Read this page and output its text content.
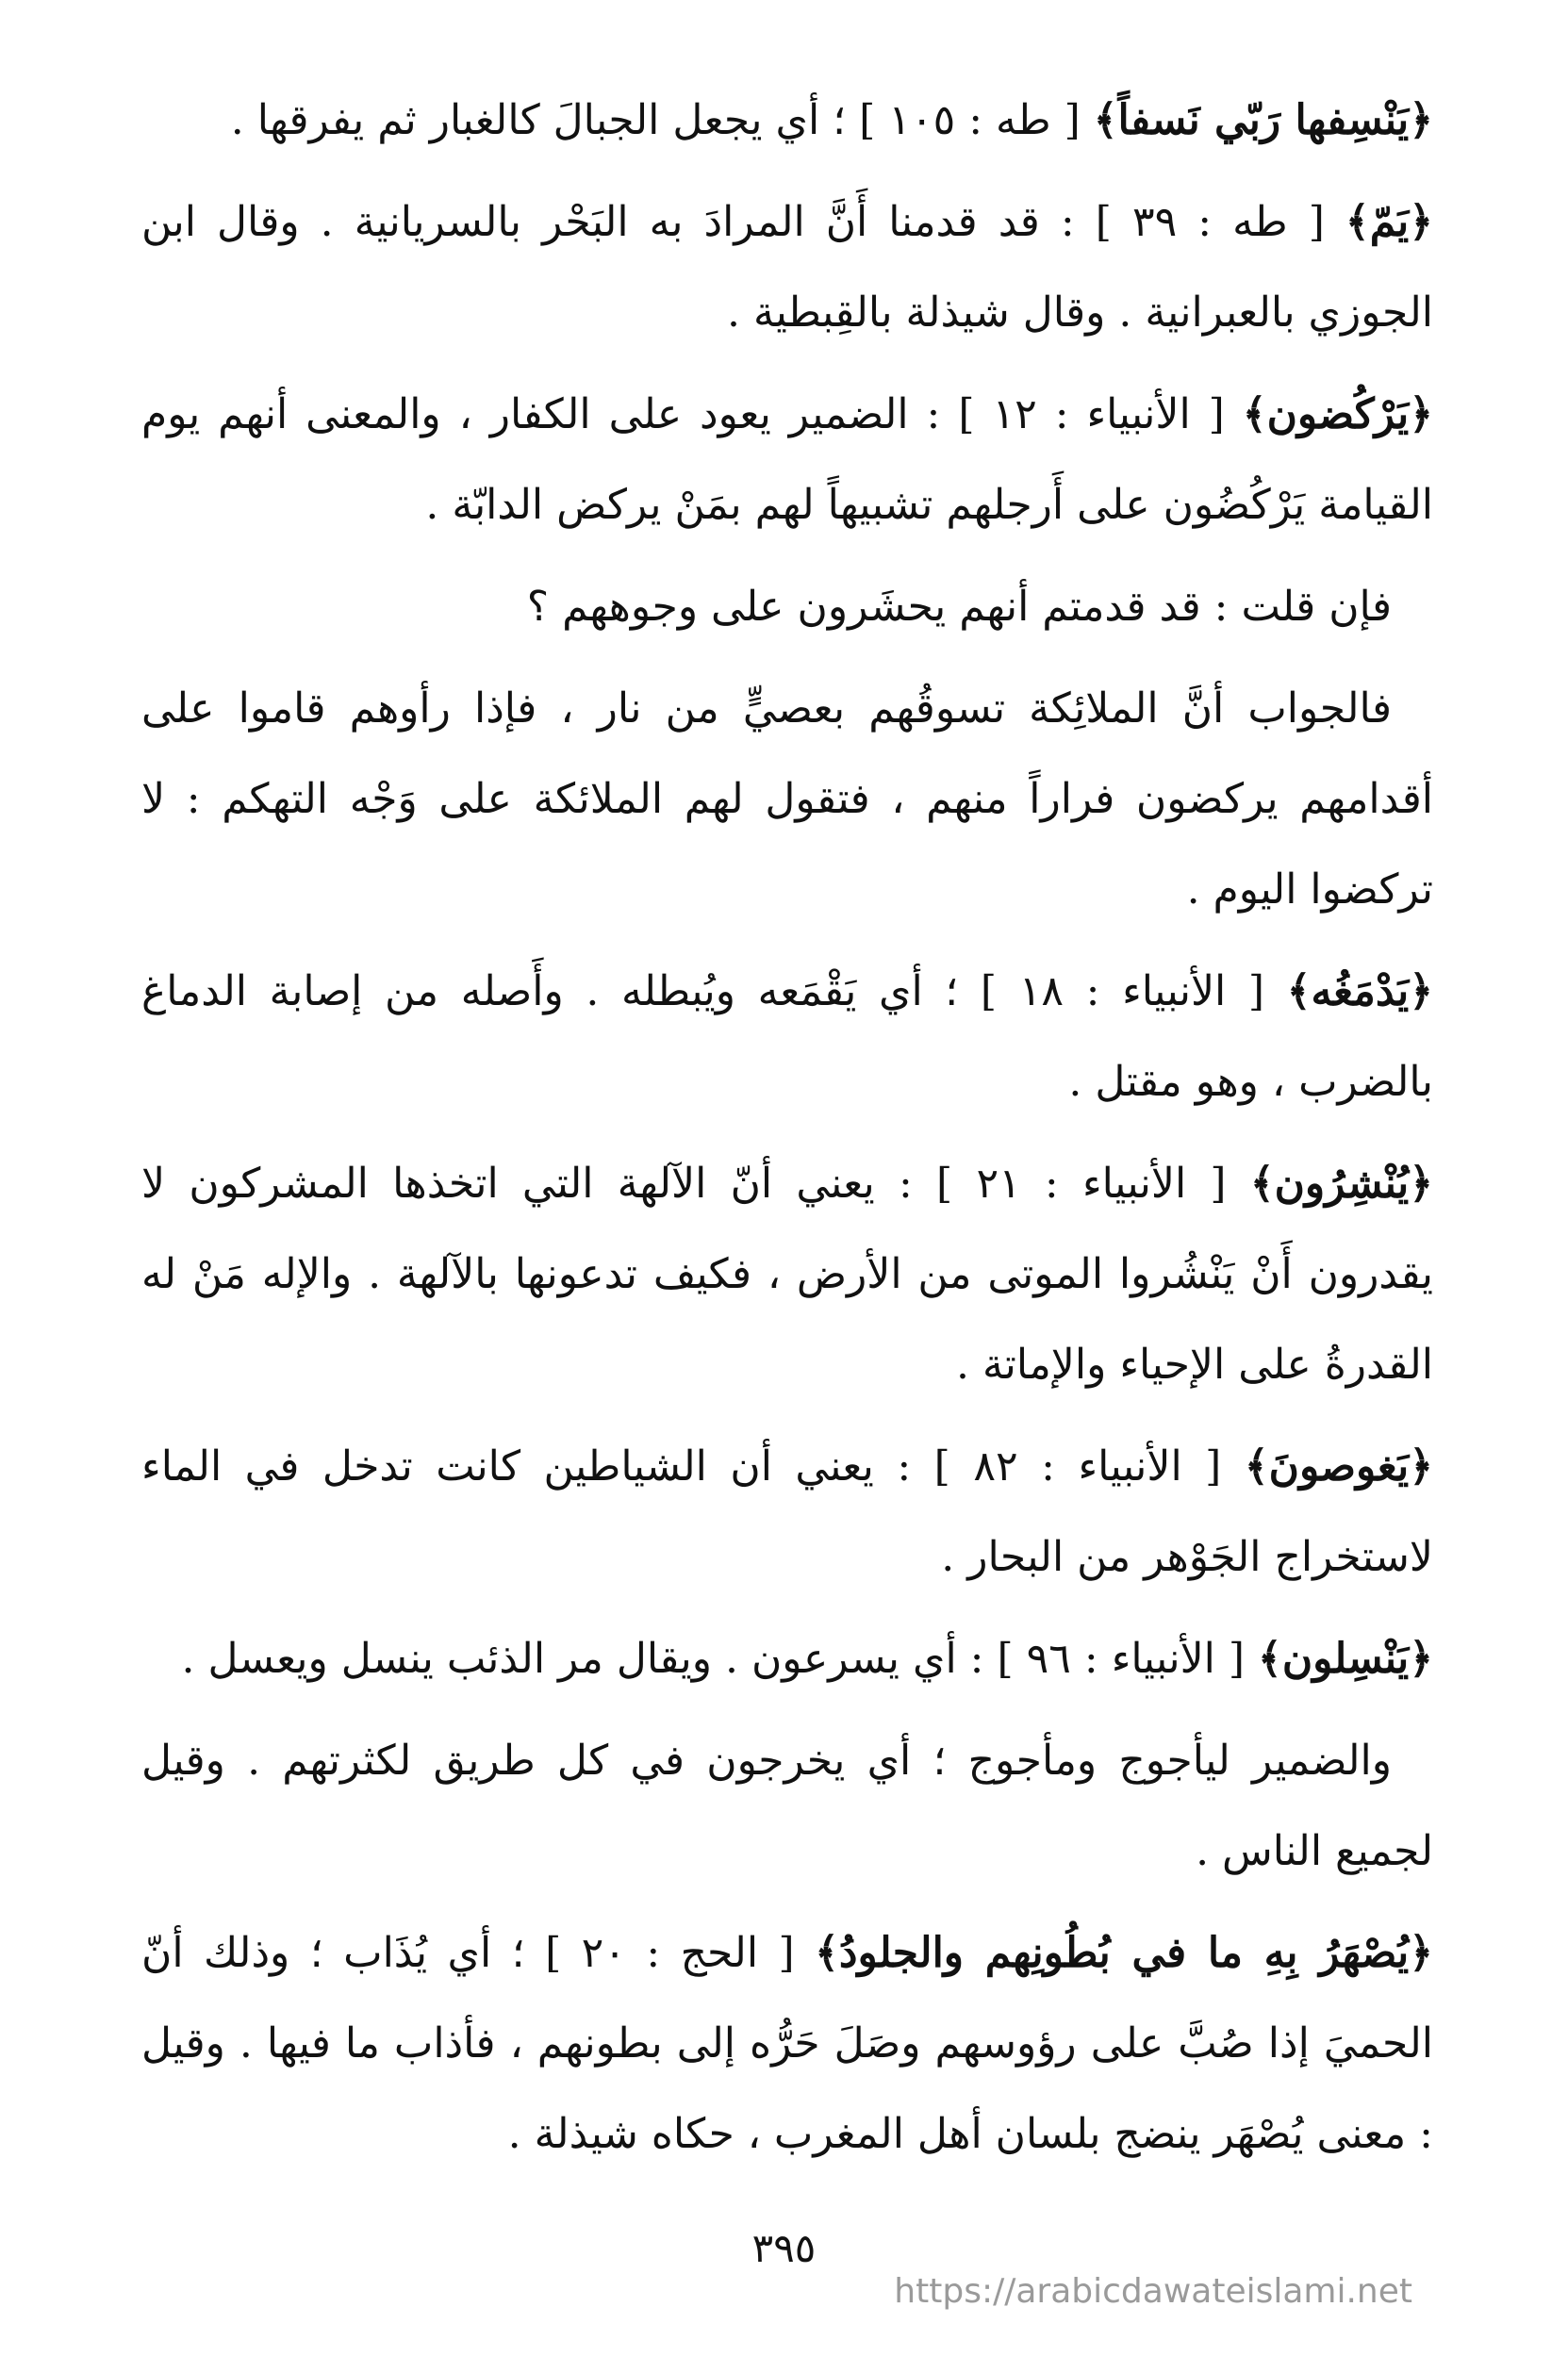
﴿يَنْسِفها رَبّي نَسفاً﴾ [ طه : ١٠٥ ] ؛ أي يجعل الجبالَ كالغبار ثم يفرقها .

﴿يَمّ﴾ [ طه : ٣٩ ] : قد قدمنا أَنَّ المرادَ به البَحْر بالسريانية . وقال ابن الجوزي بالعبرانية . وقال شيذلة بالقِبطية .

﴿يَرْكُضون﴾ [ الأنبياء : ١٢ ] : الضمير يعود على الكفار ، والمعنى أنهم يوم القيامة يَرْكُضُون على أَرجلهم تشبيهاً لهم بمَنْ يركض الدابّة .

فإن قلت : قد قدمتم أنهم يحشَرون على وجوههم ؟

فالجواب أنَّ الملائِكة تسوقُهم بعصيٍّ من نار ، فإذا رأوهم قاموا على أقدامهم يركضون فراراً منهم ، فتقول لهم الملائكة على وَجْه التهكم : لا تركضوا اليوم .

﴿يَدْمَغُه﴾ [ الأنبياء : ١٨ ] ؛ أي يَقْمَعه ويُبطله . وأَصله من إصابة الدماغ بالضرب ، وهو مقتل .

﴿يُنْشِرُون﴾ [ الأنبياء : ٢١ ] : يعني أنّ الآلهة التي اتخذها المشركون لا يقدرون أَنْ يَنْشُروا الموتى من الأرض ، فكيف تدعونها بالآلهة . والإله مَنْ له القدرةُ على الإحياء والإماتة .

﴿يَغوصونَ﴾ [ الأنبياء : ٨٢ ] : يعني أن الشياطين كانت تدخل في الماء لاستخراج الجَوْهر من البحار .

﴿يَنْسِلون﴾ [ الأنبياء : ٩٦ ] : أي يسرعون . ويقال مر الذئب ينسل ويعسل .

والضمير ليأجوج ومأجوج ؛ أي يخرجون في كل طريق لكثرتهم . وقيل لجميع الناس .

﴿يُصْهَرُ بِهِ ما في بُطُونِهم والجلودُ﴾ [ الحج : ٢٠ ] ؛ أي يُذَاب ؛ وذلك أنّ الحميَ إذا صُبَّ على رؤوسهم وصَلَ حَرُّه إلى بطونهم ، فأذاب ما فيها . وقيل : معنى يُصْهَر ينضج بلسان أهل المغرب ، حكاه شيذلة .

٣٩٥
https://arabicdawateislami.net
